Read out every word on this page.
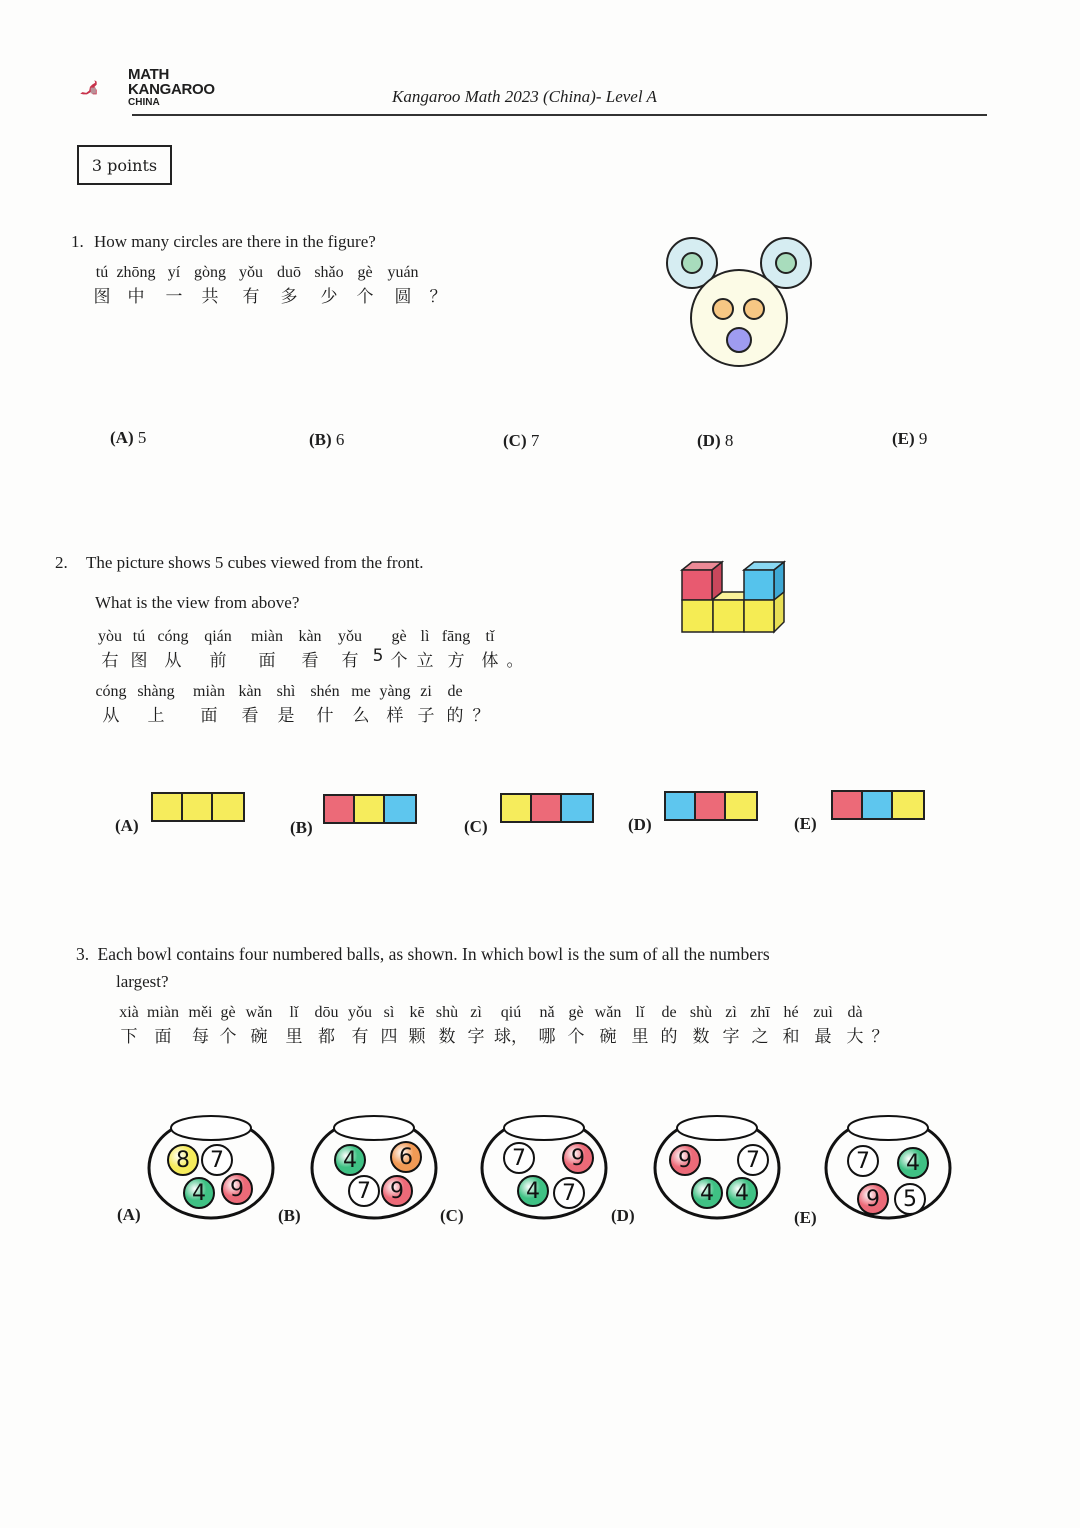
MATH
KANGAROO
CHINA	Kangaroo Math 2023 (China)- Level A
3 points
1. How many circles are there in the figure?
tú zhōng yí gòng yǒu duō shǎo gè yuán
图	中	一	共	有	多	少	个	圆	？
(A) 5	(B) 6	(C) 7	(D) 8	(E) 9
2. The picture shows 5 cubes viewed from the front.
What is the view from above?
yòu tú cóng qián	miàn kàn	yǒu	gè lì fāng tǐ
右 图	从	前	面	看	有 5 个 立 方	体 。
cóng shàng	miàn kàn shì shén me yàng zi de
从	上	面	看	是	什	么	样 子 的 ？
(A)	(B)	(C)	(D)	(E)
3. Each bowl contains four numbered balls, as shown. In which bowl is the sum of all the numbers
largest?
xià miàn měi gè wǎn	lǐ	dōu yǒu sì kē shù zì	qiú	nǎ gè wǎn lǐ	de shù zì zhī hé zuì dà
下	面	每 个 碗	里 都 有 四 颗 数 字 球， 哪 个 碗 里 的 数 字 之 和 最 大 ？
(A)
8 7
4	9
(B)
4	6
7 9
(C)
7	9
4	7
(D)
9	7
4 4
(E)
7	4
9	5
